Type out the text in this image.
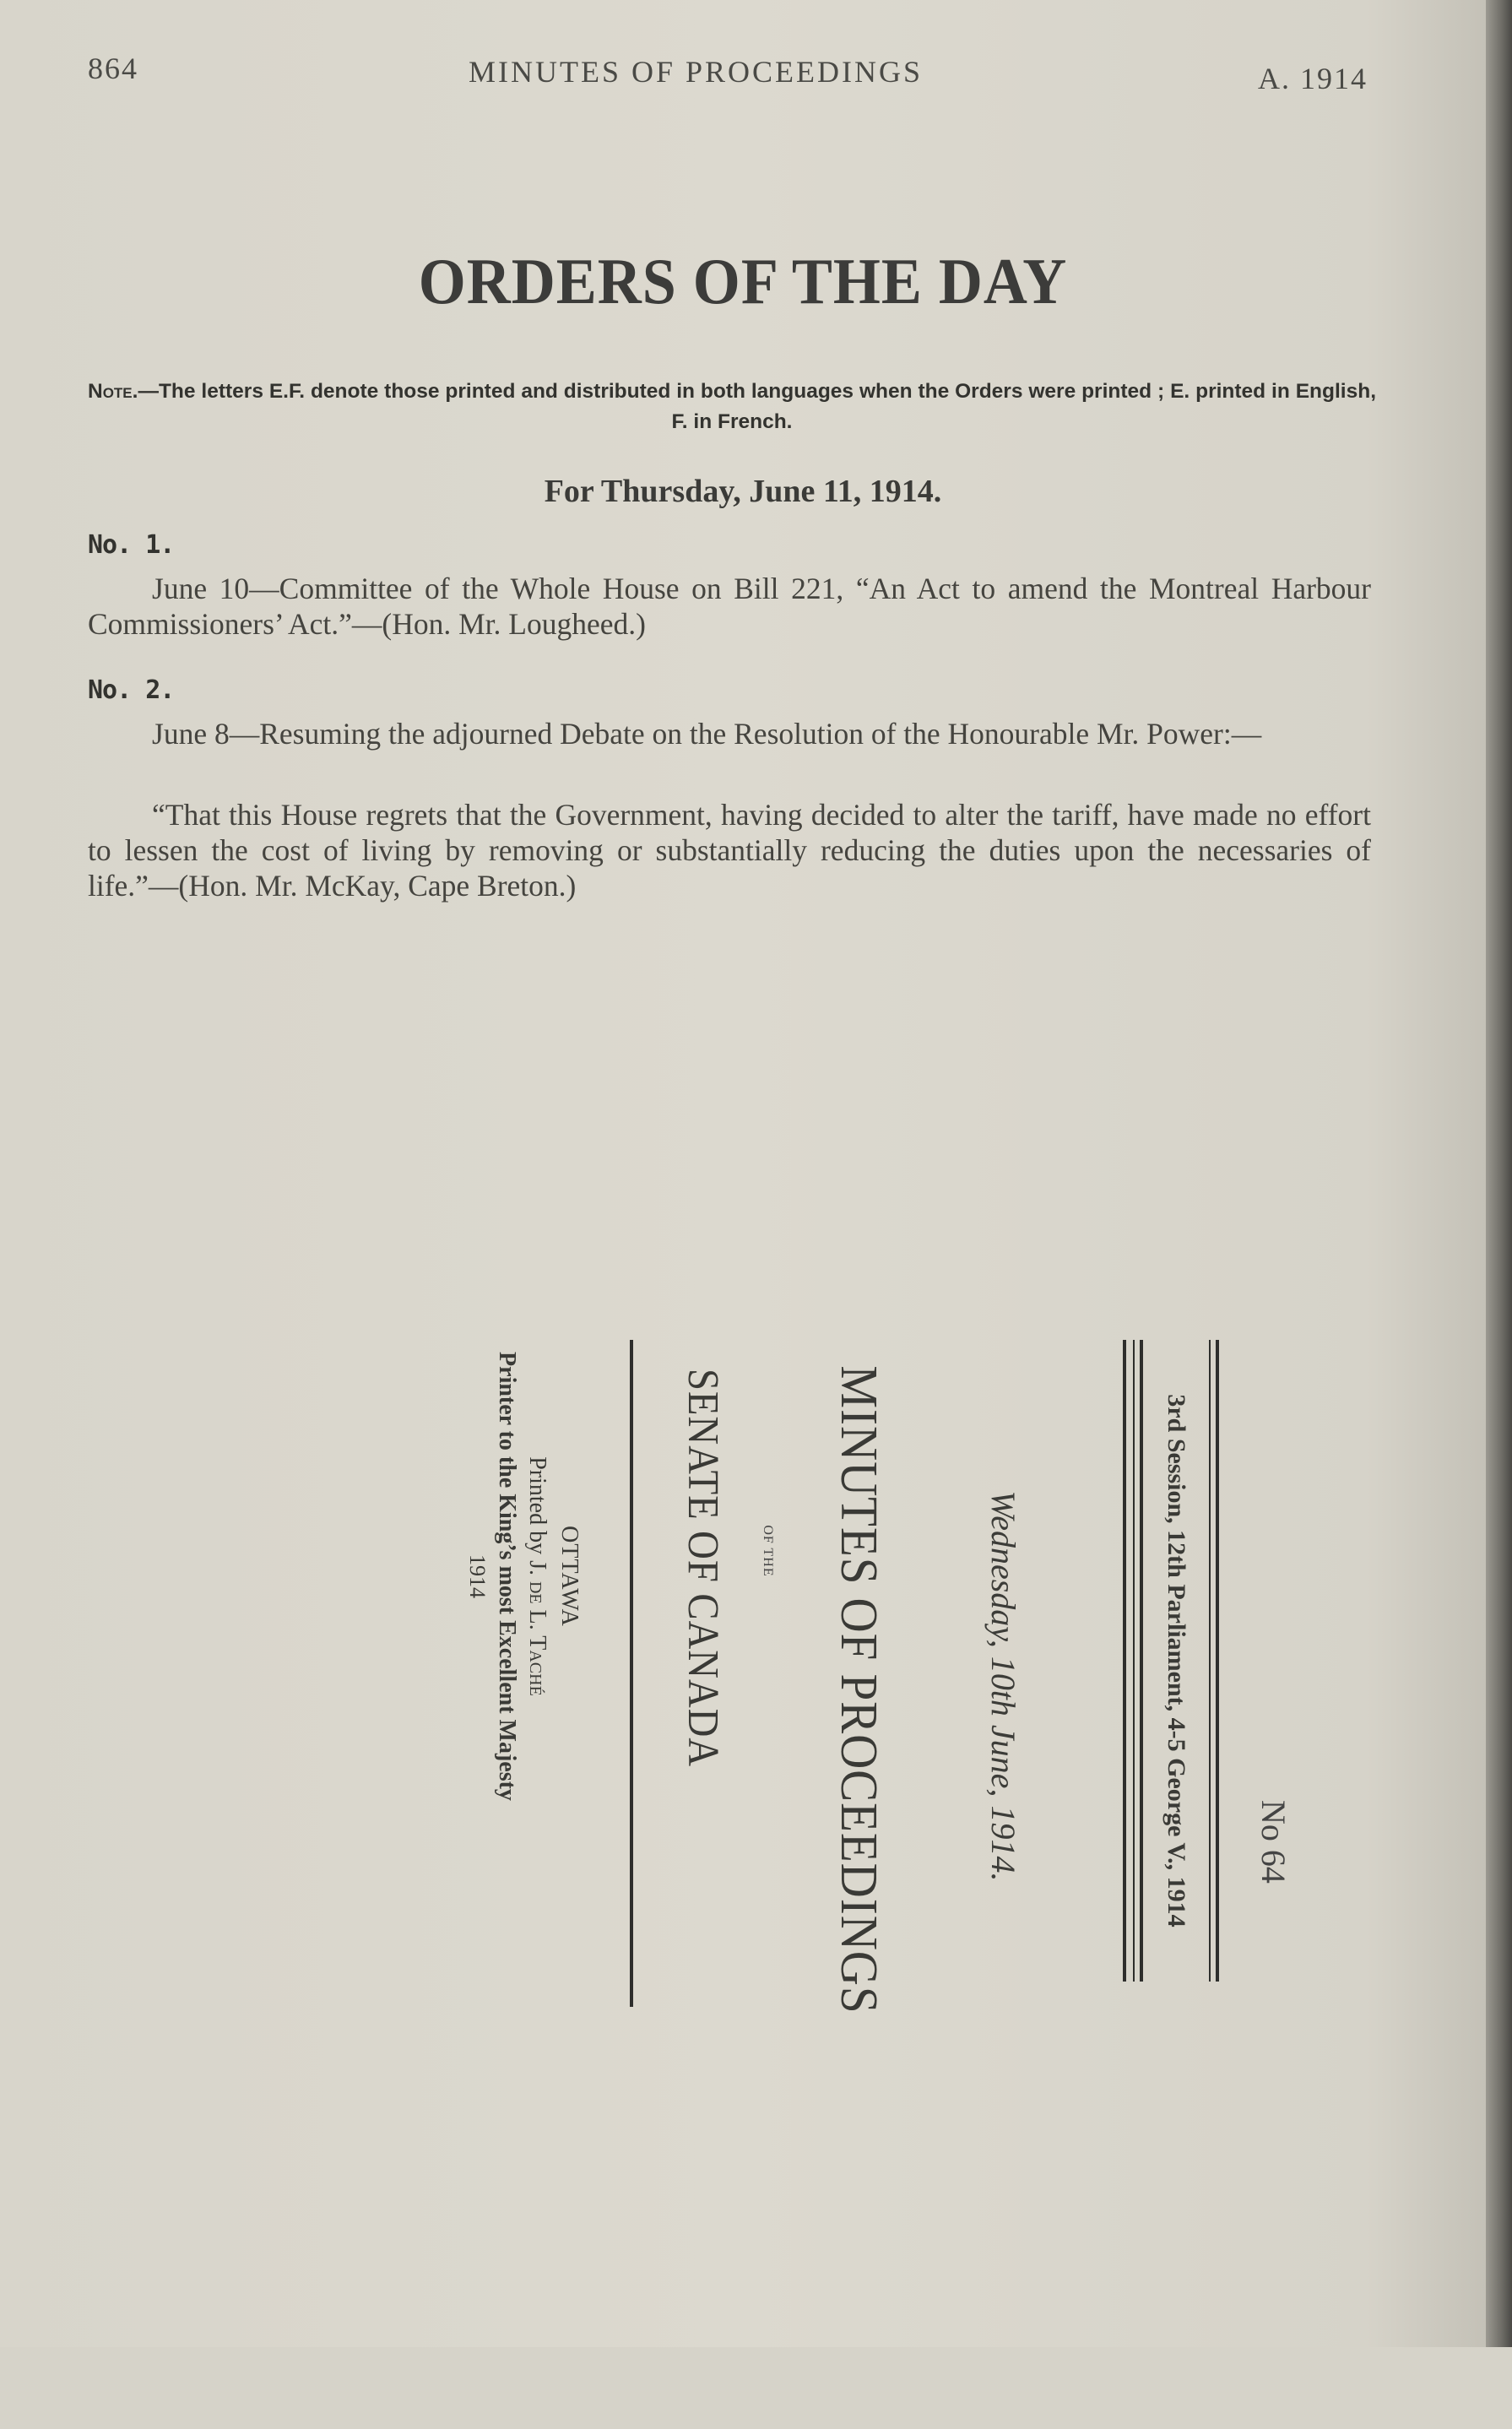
864	MINUTES OF PROCEEDINGS	A. 1914
ORDERS OF THE DAY
Note.—The letters E.F. denote those printed and distributed in both languages when the Orders were printed ; E. printed in English, F. in French.
For Thursday, June 11, 1914.
No. 1.
June 10—Committee of the Whole House on Bill 221, “An Act to amend the Montreal Harbour Commissioners’ Act.”—(Hon. Mr. Lougheed.)
No. 2.
June 8—Resuming the adjourned Debate on the Resolution of the Honourable Mr. Power:—
“That this House regrets that the Government, having decided to alter the tariff, have made no effort to lessen the cost of living by removing or substantially reducing the duties upon the necessaries of life.”—(Hon. Mr. McKay, Cape Breton.)
No 64
3rd Session, 12th Parliament, 4-5 George V., 1914
Wednesday, 10th June, 1914.
MINUTES OF PROCEEDINGS
OF THE
SENATE OF CANADA
OTTAWA
Printed by J. de L. Taché
Printer to the King’s most Excellent Majesty
1914
